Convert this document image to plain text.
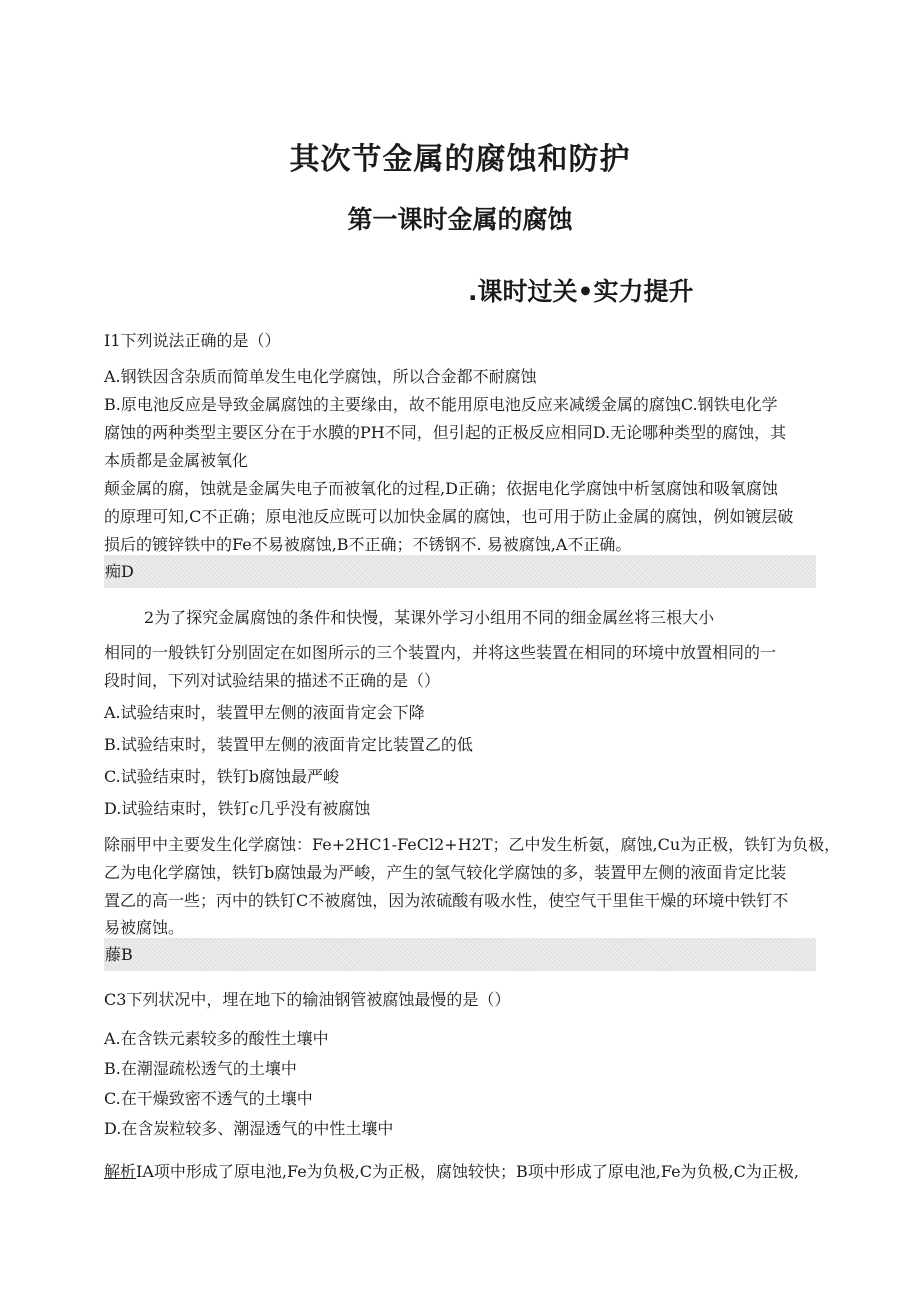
其次节金属的腐蚀和防护
第一课时金属的腐蚀
.课时过关•实力提升
I1下列说法正确的是（）
A.钢铁因含杂质而简单发生电化学腐蚀，所以合金都不耐腐蚀
B.原电池反应是导致金属腐蚀的主要缘由，故不能用原电池反应来减缓金属的腐蚀C.钢铁电化学
腐蚀的两种类型主要区分在于水膜的PH不同，但引起的正极反应相同D.无论哪种类型的腐蚀，其
本质都是金属被氧化
颠金属的腐，蚀就是金属失电子而被氧化的过程,D正确；依据电化学腐蚀中析氢腐蚀和吸氧腐蚀
的原理可知,C不正确；原电池反应既可以加快金属的腐蚀，也可用于防止金属的腐蚀，例如镀层破
损后的镀锌铁中的Fe不易被腐蚀,B不正确；不锈钢不. 易被腐蚀,A不正确。
痴D
2为了探究金属腐蚀的条件和快慢，某课外学习小组用不同的细金属丝将三根大小
相同的一般铁钉分别固定在如图所示的三个装置内，并将这些装置在相同的环境中放置相同的一
段时间，下列对试验结果的描述不正确的是（）
A.试验结束时，装置甲左侧的液面肯定会下降
B.试验结束时，装置甲左侧的液面肯定比装置乙的低
C.试验结束时，铁钉b腐蚀最严峻
D.试验结束时，铁钉c几乎没有被腐蚀
除丽甲中主要发生化学腐蚀：Fe+2HC1-FeCl2+H2T；乙中发生析氨，腐蚀,Cu为正极，铁钉为负极，
乙为电化学腐蚀，铁钉b腐蚀最为严峻，产生的氢气较化学腐蚀的多，装置甲左侧的液面肯定比装
置乙的高一些；丙中的铁钉C不被腐蚀，因为浓硫酸有吸水性，使空气干里隹干燥的环境中铁钉不
易被腐蚀。
藤B
C3下列状况中，埋在地下的输油钢管被腐蚀最慢的是（）
A.在含铁元素较多的酸性土壤中
B.在潮湿疏松透气的土壤中
C.在干燥致密不透气的土壤中
D.在含炭粒较多、潮湿透气的中性土壤中
解析IA项中形成了原电池,Fe为负极,C为正极，腐蚀较快；B项中形成了原电池,Fe为负极,C为正极,
